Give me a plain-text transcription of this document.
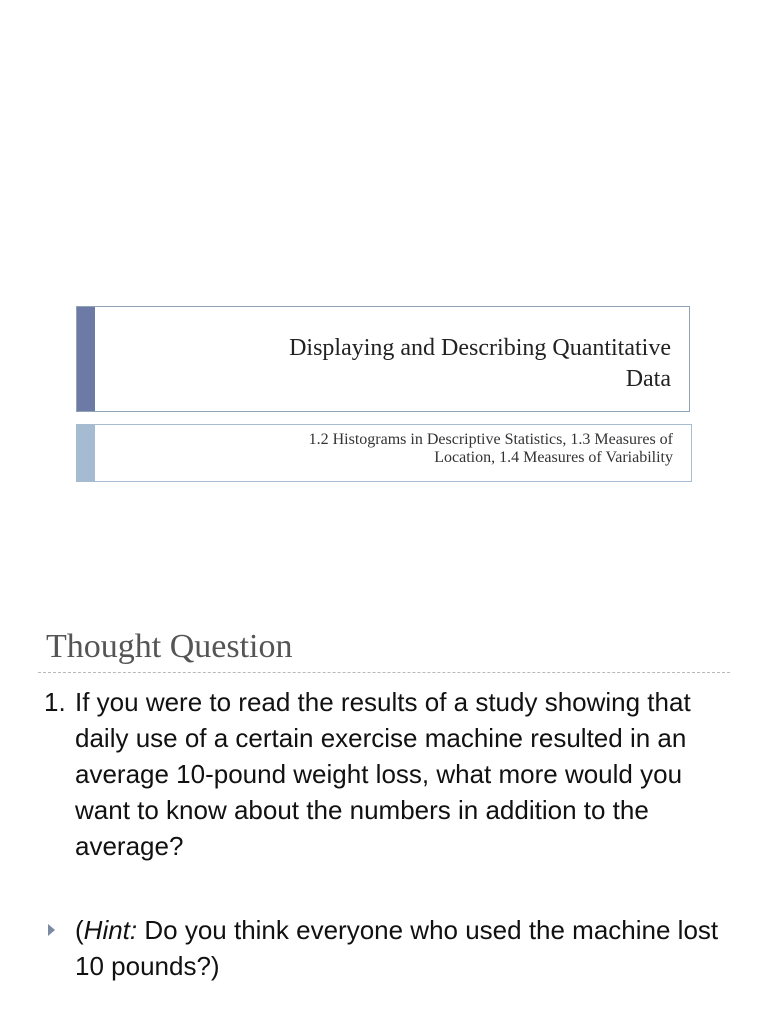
Displaying and Describing Quantitative
Data
1.2 Histograms in Descriptive Statistics, 1.3 Measures of
Location, 1.4 Measures of Variability
Thought Question
1. If you were to read the results of a study showing that daily use of a certain exercise machine resulted in an average 10-pound weight loss, what more would you want to know about the numbers in addition to the average?
(Hint: Do you think everyone who used the machine lost 10 pounds?)
